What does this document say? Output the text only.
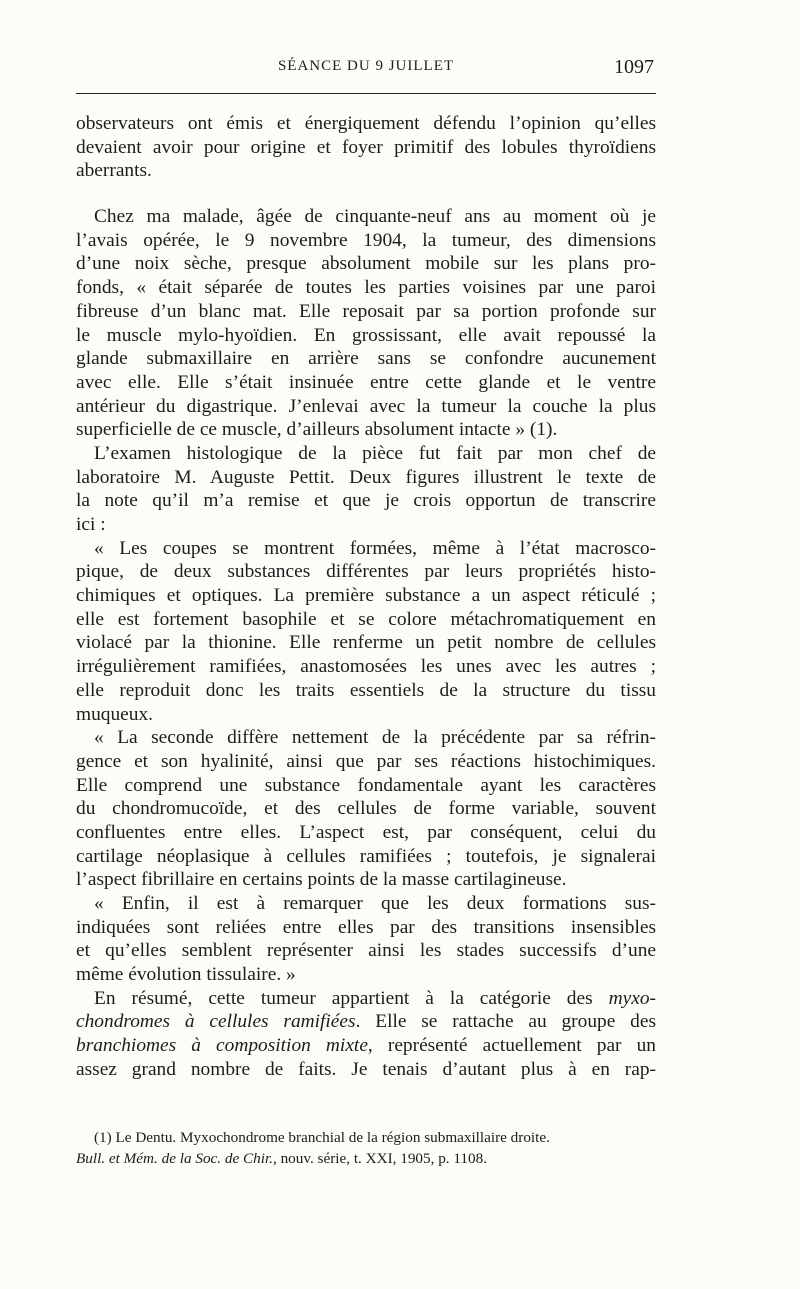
SÉANCE DU 9 JUILLET	1097
observateurs ont émis et énergiquement défendu l’opinion qu’elles
devaient avoir pour origine et foyer primitif des lobules thyroïdiens
aberrants.
Chez ma malade, âgée de cinquante-neuf ans au moment où je
l’avais opérée, le 9 novembre 1904, la tumeur, des dimensions
d’une noix sèche, presque absolument mobile sur les plans pro-
fonds, « était séparée de toutes les parties voisines par une paroi
fibreuse d’un blanc mat. Elle reposait par sa portion profonde sur
le muscle mylo-hyoïdien. En grossissant, elle avait repoussé la
glande submaxillaire en arrière sans se confondre aucunement
avec elle. Elle s’était insinuée entre cette glande et le ventre
antérieur du digastrique. J’enlevai avec la tumeur la couche la plus
superficielle de ce muscle, d’ailleurs absolument intacte » (1).
L’examen histologique de la pièce fut fait par mon chef de
laboratoire M. Auguste Pettit. Deux figures illustrent le texte de
la note qu’il m’a remise et que je crois opportun de transcrire
ici :
« Les coupes se montrent formées, même à l’état macrosco-
pique, de deux substances différentes par leurs propriétés histo-
chimiques et optiques. La première substance a un aspect réticulé ;
elle est fortement basophile et se colore métachromatiquement en
violacé par la thionine. Elle renferme un petit nombre de cellules
irrégulièrement ramifiées, anastomosées les unes avec les autres ;
elle reproduit donc les traits essentiels de la structure du tissu
muqueux.
« La seconde diffère nettement de la précédente par sa réfrin-
gence et son hyalinité, ainsi que par ses réactions histochimiques.
Elle comprend une substance fondamentale ayant les caractères
du chondromucoïde, et des cellules de forme variable, souvent
confluentes entre elles. L’aspect est, par conséquent, celui du
cartilage néoplasique à cellules ramifiées ; toutefois, je signalerai
l’aspect fibrillaire en certains points de la masse cartilagineuse.
« Enfin, il est à remarquer que les deux formations sus-
indiquées sont reliées entre elles par des transitions insensibles
et qu’elles semblent représenter ainsi les stades successifs d’une
même évolution tissulaire. »
En résumé, cette tumeur appartient à la catégorie des myxo-
chondromes à cellules ramifiées. Elle se rattache au groupe des
branchiomes à composition mixte, représenté actuellement par un
assez grand nombre de faits. Je tenais d’autant plus à en rap-
(1) Le Dentu. Myxochondrome branchial de la région submaxillaire droite.
Bull. et Mém. de la Soc. de Chir., nouv. série, t. XXI, 1905, p. 1108.
